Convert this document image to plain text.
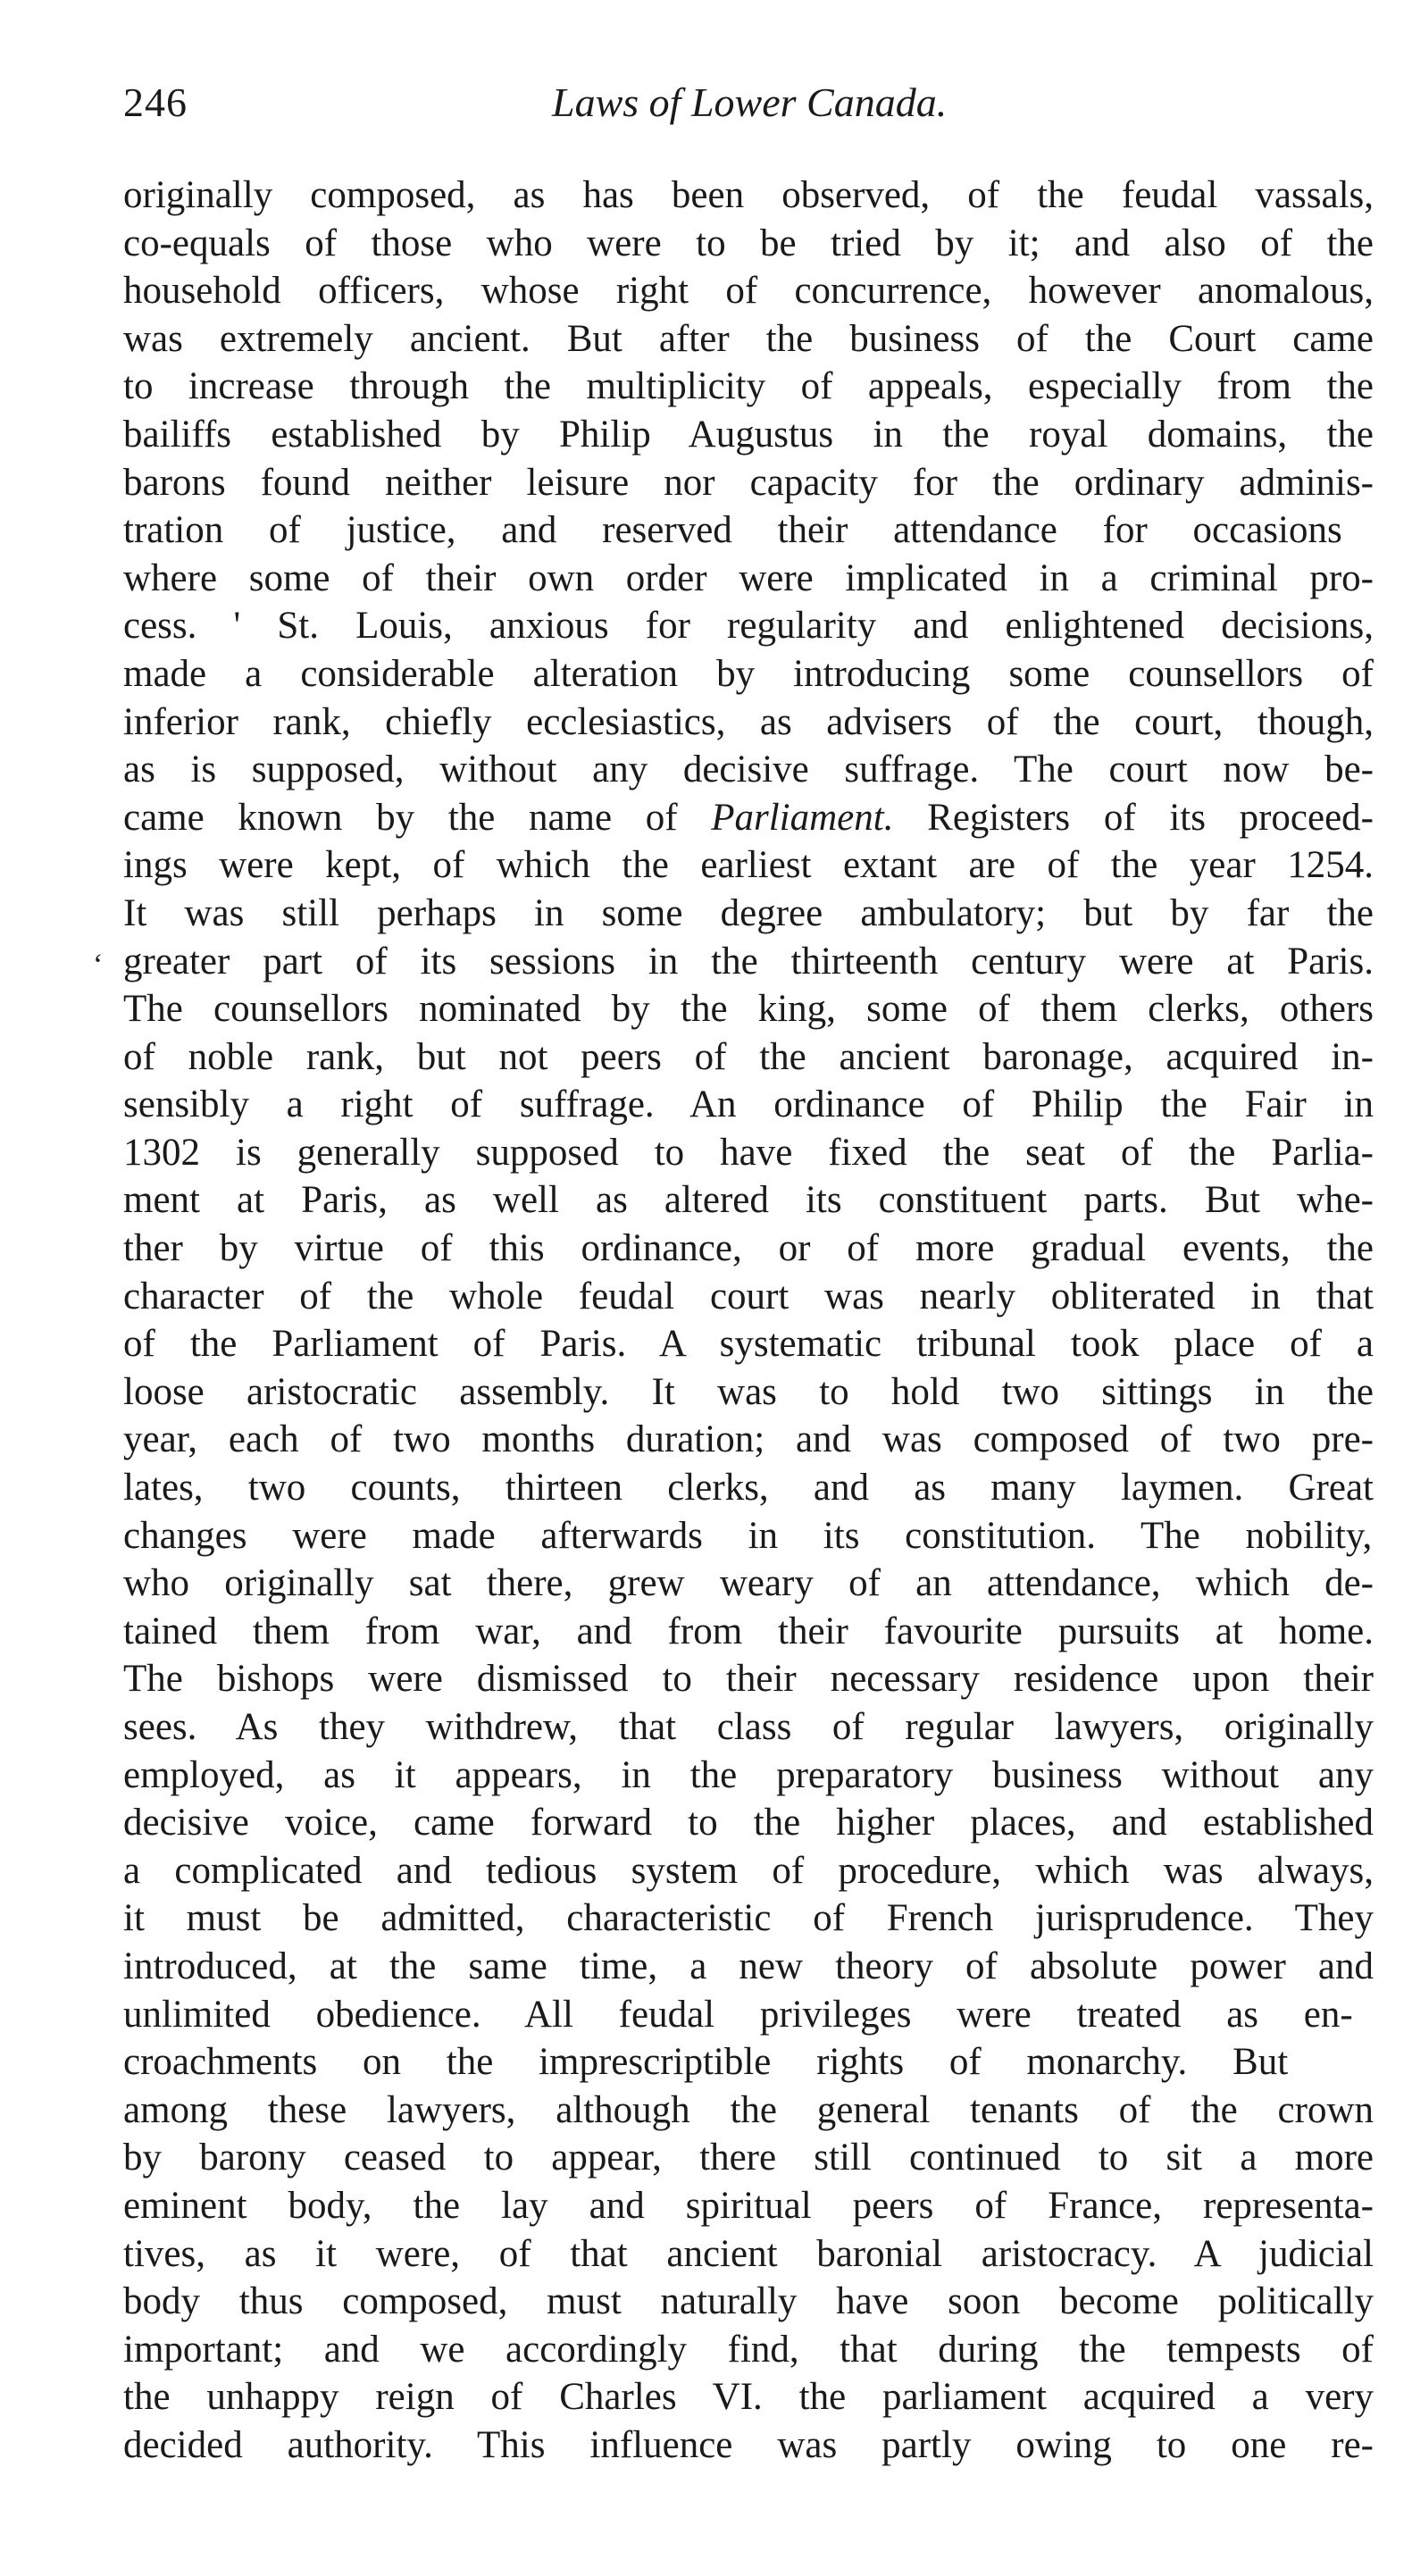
246	Laws of Lower Canada.
‘
originally composed, as has been observed, of the feudal vassals,
co-equals of those who were to be tried by it; and also of the
household officers, whose right of concurrence, however anomalous,
was extremely ancient. But after the business of the Court came
to increase through the multiplicity of appeals, especially from the
bailiffs established by Philip Augustus in the royal domains, the
barons found neither leisure nor capacity for the ordinary adminis-
tration of justice, and reserved their attendance for occasions
where some of their own order were implicated in a criminal pro-
cess. ' St. Louis, anxious for regularity and enlightened decisions,
made a considerable alteration by introducing some counsellors of
inferior rank, chiefly ecclesiastics, as advisers of the court, though,
as is supposed, without any decisive suffrage. The court now be-
came known by the name of Parliament. Registers of its proceed-
ings were kept, of which the earliest extant are of the year 1254.
It was still perhaps in some degree ambulatory; but by far the
greater part of its sessions in the thirteenth century were at Paris.
The counsellors nominated by the king, some of them clerks, others
of noble rank, but not peers of the ancient baronage, acquired in-
sensibly a right of suffrage. An ordinance of Philip the Fair in
1302 is generally supposed to have fixed the seat of the Parlia-
ment at Paris, as well as altered its constituent parts. But whe-
ther by virtue of this ordinance, or of more gradual events, the
character of the whole feudal court was nearly obliterated in that
of the Parliament of Paris. A systematic tribunal took place of a
loose aristocratic assembly. It was to hold two sittings in the
year, each of two months duration; and was composed of two pre-
lates, two counts, thirteen clerks, and as many laymen. Great
changes were made afterwards in its constitution. The nobility,
who originally sat there, grew weary of an attendance, which de-
tained them from war, and from their favourite pursuits at home.
The bishops were dismissed to their necessary residence upon their
sees. As they withdrew, that class of regular lawyers, originally
employed, as it appears, in the preparatory business without any
decisive voice, came forward to the higher places, and established
a complicated and tedious system of procedure, which was always,
it must be admitted, characteristic of French jurisprudence. They
introduced, at the same time, a new theory of absolute power and
unlimited obedience. All feudal privileges were treated as en-
croachments on the imprescriptible rights of monarchy. But
among these lawyers, although the general tenants of the crown
by barony ceased to appear, there still continued to sit a more
eminent body, the lay and spiritual peers of France, representa-
tives, as it were, of that ancient baronial aristocracy. A judicial
body thus composed, must naturally have soon become politically
important; and we accordingly find, that during the tempests of
the unhappy reign of Charles VI. the parliament acquired a very
decided authority. This influence was partly owing to one re-
